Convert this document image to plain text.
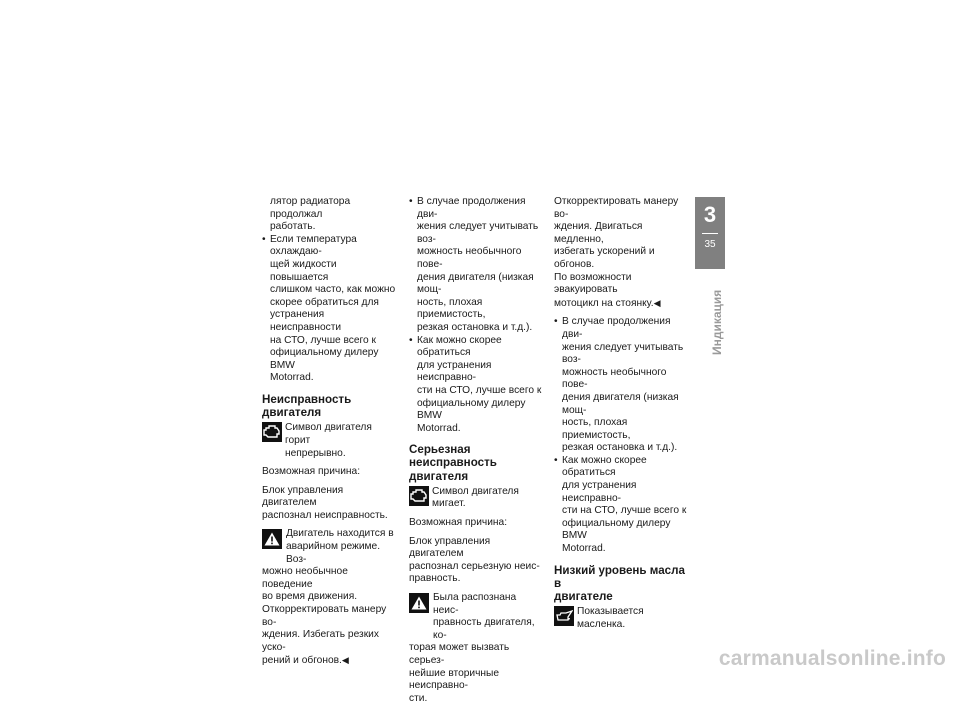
лятор радиатора продолжал

работать.

• Если температура охлаждаю-

щей жидкости повышается

слишком часто, как можно

скорее обратиться для

устранения неисправности

на СТО, лучше всего к

официальному дилеру BMW

Motorrad.

Неисправность двигателя

Символ двигателя горит

непрерывно.

Возможная причина:

Блок управления двигателем

распознал неисправность.

Двигатель находится в

аварийном режиме. Воз-

можно необычное поведение

во время движения.

Откорректировать манеру во-

ждения. Избегать резких уско-

рений и обгонов.◀

• В случае продолжения дви-

жения следует учитывать воз-

можность необычного пове-

дения двигателя (низкая мощ-

ность, плохая приемистость,

резкая остановка и т.д.).

• Как можно скорее обратиться

для устранения неисправно-

сти на СТО, лучше всего к

официальному дилеру BMW

Motorrad.

Серьезная
неисправность двигателя

Символ двигателя мигает.

Возможная причина:

Блок управления двигателем

распознал серьезную неис-

правность.

Была распознана неис-

правность двигателя, ко-

торая может вызвать серьез-

нейшие вторичные неисправно-

сти.

Откорректировать манеру во-

ждения. Двигаться медленно,

избегать ускорений и обгонов.

По возможности эвакуировать

мотоцикл на стоянку.◀

• В случае продолжения дви-

жения следует учитывать воз-

можность необычного пове-

дения двигателя (низкая мощ-

ность, плохая приемистость,

резкая остановка и т.д.).

• Как можно скорее обратиться

для устранения неисправно-

сти на СТО, лучше всего к

официальному дилеру BMW

Motorrad.

Низкий уровень масла в
двигателе

Показывается масленка.

3
35
Индикация
carmanualsonline.info
